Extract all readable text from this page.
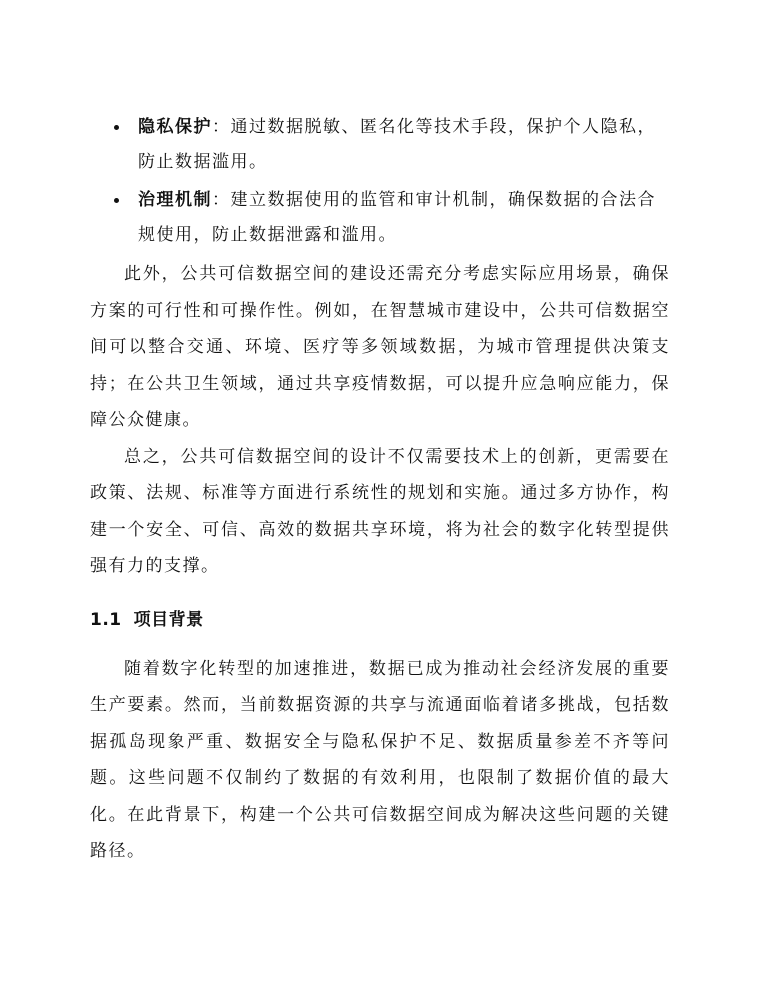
隐私保护：通过数据脱敏、匿名化等技术手段，保护个人隐私，防止数据滥用。
治理机制：建立数据使用的监管和审计机制，确保数据的合法合规使用，防止数据泄露和滥用。

此外，公共可信数据空间的建设还需充分考虑实际应用场景，确保方案的可行性和可操作性。例如，在智慧城市建设中，公共可信数据空间可以整合交通、环境、医疗等多领域数据，为城市管理提供决策支持；在公共卫生领域，通过共享疫情数据，可以提升应急响应能力，保障公众健康。

总之，公共可信数据空间的设计不仅需要技术上的创新，更需要在政策、法规、标准等方面进行系统性的规划和实施。通过多方协作，构建一个安全、可信、高效的数据共享环境，将为社会的数字化转型提供强有力的支撑。

1.1 项目背景

随着数字化转型的加速推进，数据已成为推动社会经济发展的重要生产要素。然而，当前数据资源的共享与流通面临着诸多挑战，包括数据孤岛现象严重、数据安全与隐私保护不足、数据质量参差不齐等问题。这些问题不仅制约了数据的有效利用，也限制了数据价值的最大化。在此背景下，构建一个公共可信数据空间成为解决这些问题的关键路径。
